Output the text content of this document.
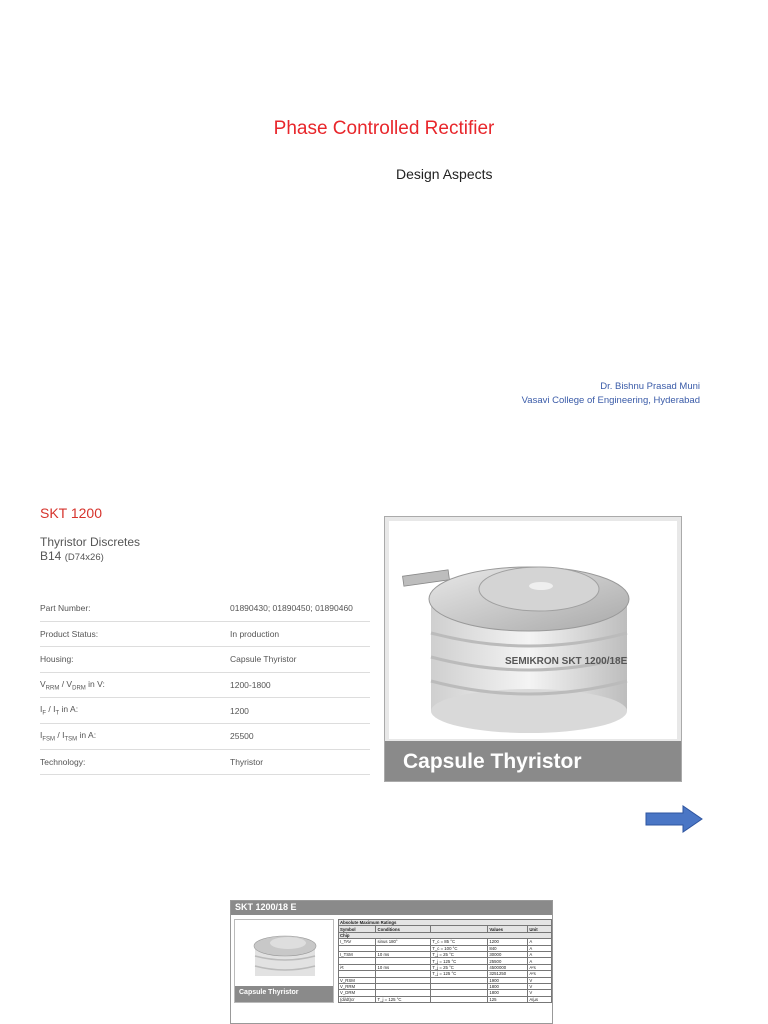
Phase Controlled Rectifier
Design Aspects
Dr. Bishnu Prasad Muni
Vasavi College of Engineering, Hyderabad
SKT 1200
Thyristor Discretes
B14 (D74x26)
Part Number:	01890430; 01890450; 01890460
Product Status:	In production
Housing:	Capsule Thyristor
$V_{RRM} / V_{DRM}$ in V:	1200-1800
$I_F / I_T$ in A:	1200
$I_{FSM} / I_{TSM}$ in A:	25500
Technology:	Thyristor
SEMIKRON SKT 1200/18E
Capsule Thyristor
SKT 1200/18 E
Capsule Thyristor
Absolute Maximum Ratings				
Symbol	Conditions		Values	Unit
Chip				
I_TAV	sinus 180°	T_c = 85 °C	1200	A
		T_c = 100 °C	840	A
I_TSM	10 ms	T_j = 25 °C	30000	A
		T_j = 125 °C	25500	A
i²t	10 ms	T_j = 25 °C	4500000	A²s
		T_j = 125 °C	3251250	A²s
V_RSM			1900	V
V_RRM			1800	V
V_DRM			1800	V
(di/dt)cr	T_j = 125 °C		125	A/µs
